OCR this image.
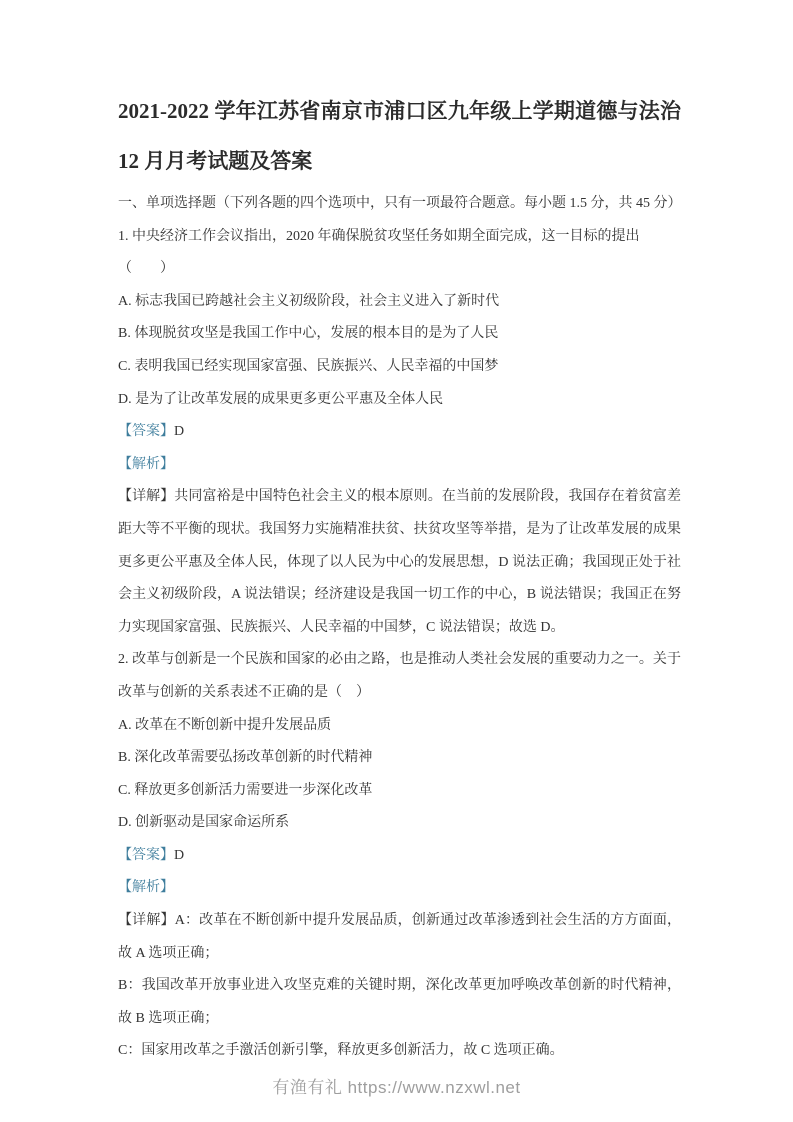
2021-2022 学年江苏省南京市浦口区九年级上学期道德与法治 12 月月考试题及答案

一、单项选择题（下列各题的四个选项中，只有一项最符合题意。每小题 1.5 分，共 45 分）

1. 中央经济工作会议指出，2020 年确保脱贫攻坚任务如期全面完成，这一目标的提出

（　　）

A. 标志我国已跨越社会主义初级阶段，社会主义进入了新时代

B. 体现脱贫攻坚是我国工作中心，发展的根本目的是为了人民

C. 表明我国已经实现国家富强、民族振兴、人民幸福的中国梦

D. 是为了让改革发展的成果更多更公平惠及全体人民

【答案】D

【解析】

【详解】共同富裕是中国特色社会主义的根本原则。在当前的发展阶段，我国存在着贫富差距大等不平衡的现状。我国努力实施精准扶贫、扶贫攻坚等举措，是为了让改革发展的成果更多更公平惠及全体人民，体现了以人民为中心的发展思想，D 说法正确；我国现正处于社会主义初级阶段，A 说法错误；经济建设是我国一切工作的中心，B 说法错误；我国正在努力实现国家富强、民族振兴、人民幸福的中国梦，C 说法错误；故选 D。

2. 改革与创新是一个民族和国家的必由之路，也是推动人类社会发展的重要动力之一。关于改革与创新的关系表述不正确的是（　）

A. 改革在不断创新中提升发展品质

B. 深化改革需要弘扬改革创新的时代精神

C. 释放更多创新活力需要进一步深化改革

D. 创新驱动是国家命运所系

【答案】D

【解析】

【详解】A：改革在不断创新中提升发展品质，创新通过改革渗透到社会生活的方方面面，故 A 选项正确；

B：我国改革开放事业进入攻坚克难的关键时期，深化改革更加呼唤改革创新的时代精神，故 B 选项正确；

C：国家用改革之手激活创新引擎，释放更多创新活力，故 C 选项正确。

有渔有礼 https://www.nzxwl.net
